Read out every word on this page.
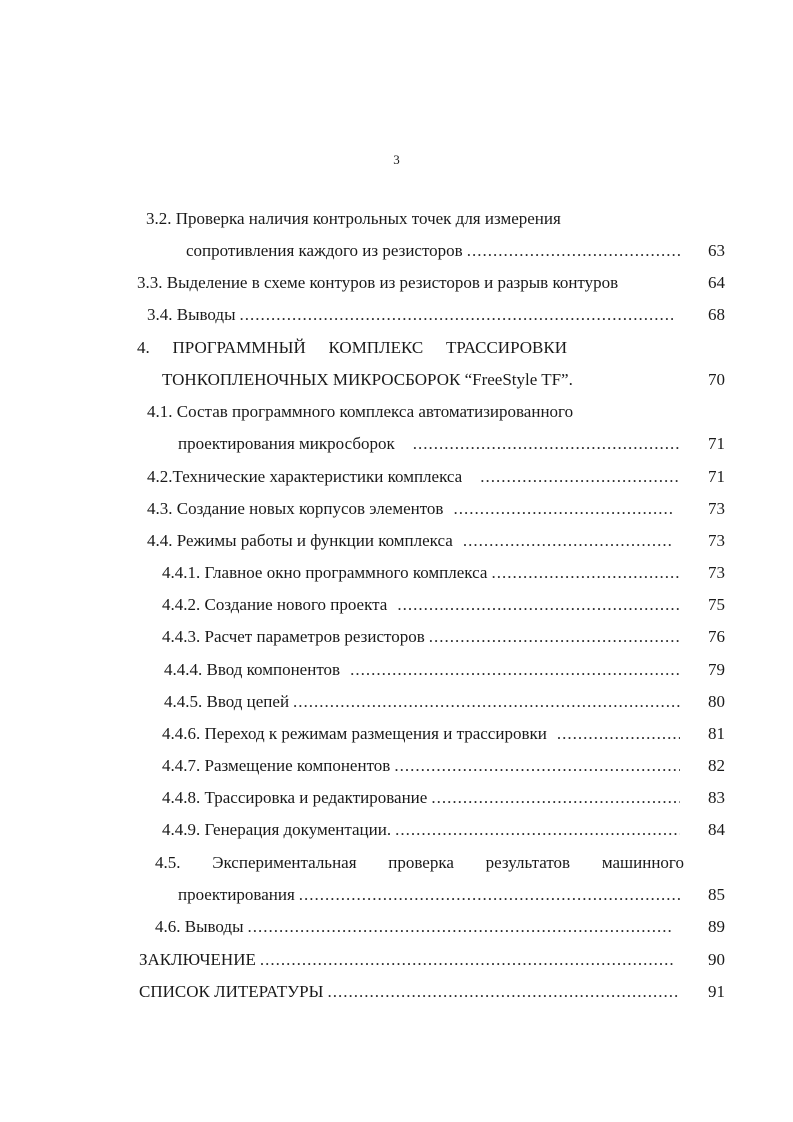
3
3.2. Проверка наличия контрольных точек для измерения
сопротивления каждого из резисторов .....	63
3.3. Выделение в схеме контуров из резисторов и разрыв контуров	64
3.4. Выводы .....	68
4. ПРОГРАММНЫЙ КОМПЛЕКС ТРАССИРОВКИ
ТОНКОПЛЕНОЧНЫХ МИКРОСБОРОК “FreeStyle TF”.	70
4.1. Состав программного комплекса автоматизированного
проектирования микросборок .....	71
4.2.Технические характеристики комплекса .....	71
4.3. Создание новых корпусов элементов .....	73
4.4. Режимы работы и функции комплекса .....	73
4.4.1. Главное окно программного комплекса .....	73
4.4.2. Создание нового проекта .....	75
4.4.3. Расчет параметров резисторов .....	76
4.4.4. Ввод компонентов .....	79
4.4.5. Ввод цепей .....	80
4.4.6. Переход к режимам размещения и трассировки .....	81
4.4.7. Размещение компонентов .....	82
4.4.8. Трассировка и редактирование .....	83
4.4.9. Генерация документации. .....	84
4.5. Экспериментальная проверка результатов машинного
проектирования .....	85
4.6. Выводы .....	89
ЗАКЛЮЧЕНИЕ .....	90
СПИСОК ЛИТЕРАТУРЫ .....	91
